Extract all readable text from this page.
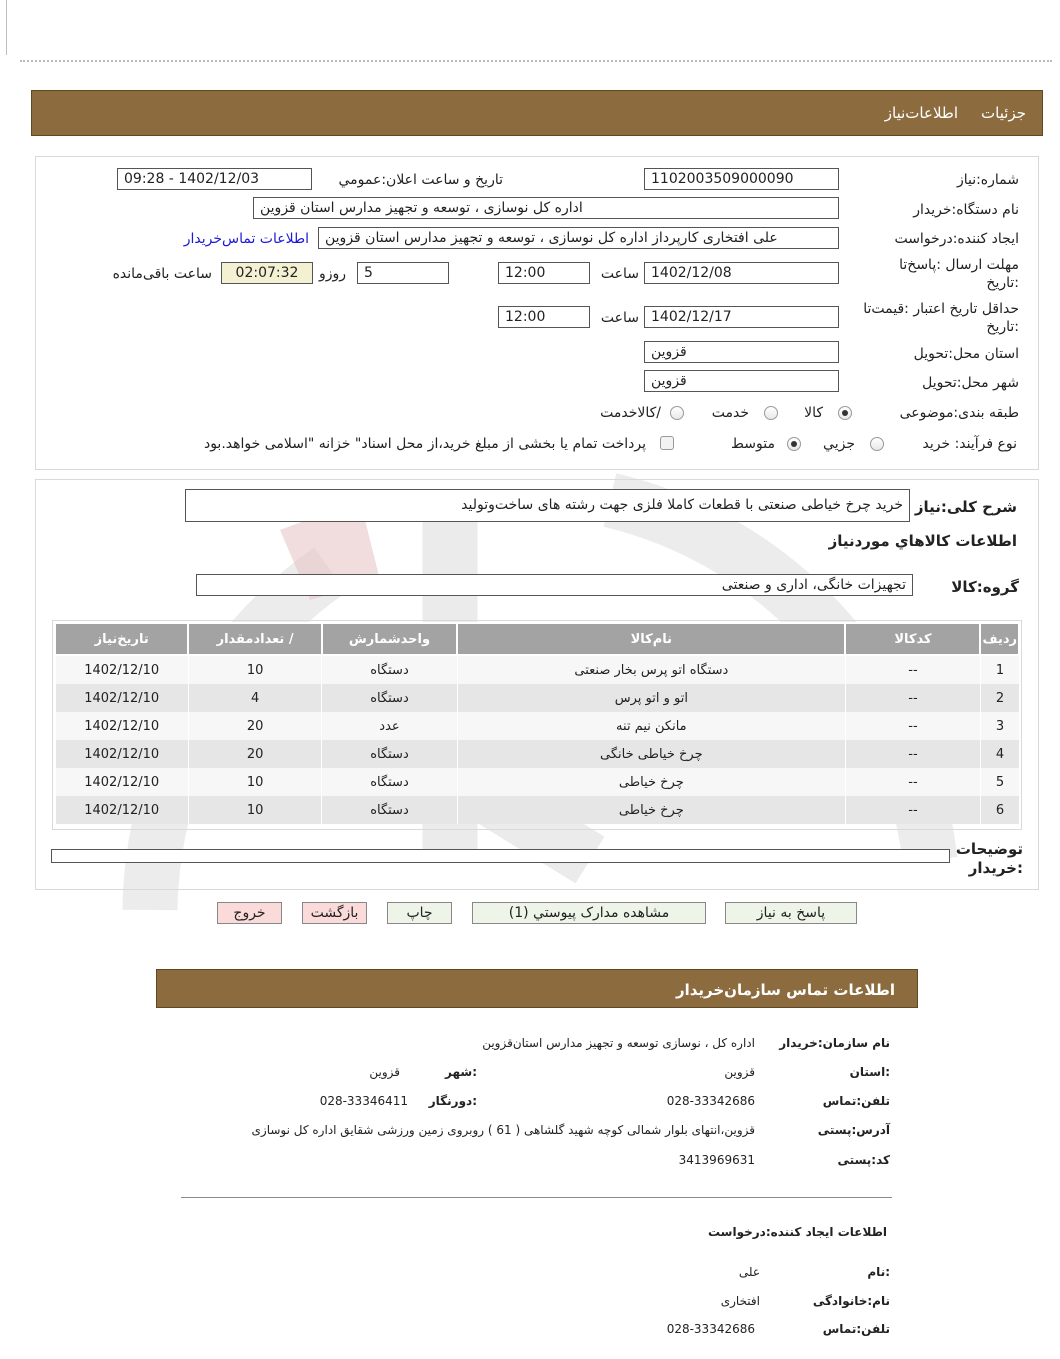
جزئیات
اطلاعات‌نیاز
شماره:نیاز
1102003509000090
تاریخ و ساعت اعلان:عمومي
1402/12/03 - 09:28
نام دستگاه:خریدار
اداره کل نوسازی ، توسعه و تجهیز مدارس استان قزوین
ایجاد کننده:درخواست
علی افتخاری کارپرداز اداره کل نوسازی ، توسعه و تجهیز مدارس استان قزوین
اطلاعات تماس‌خریدار
مهلت ارسال :پاسخ‌تا
:تاریخ
1402/12/08
ساعت
12:00
5
روزو
02:07:32
ساعت باقی‌مانده
حداقل تاریخ اعتبار :قیمت‌تا
:تاریخ
1402/12/17
ساعت
12:00
استان محل:تحویل
قزوین
شهر محل:تحویل
قزوین
طبقه بندی:موضوعی
کالا
خدمت
/کالاخدمت
نوع فرآیند: خرید
جزيي
متوسط
پرداخت تمام یا بخشی از مبلغ خرید،از محل اسناد" خزانه "اسلامی خواهد.بود
شرح کلی:نیاز
خرید چرخ خیاطی صنعتی با قطعات کاملا فلزی جهت رشته های ساخت‌وتولید
اطلاعات کالاهاي موردنياز
گروه:کالا
تجهیزات خانگی، اداری و صنعتی
ردیف	کدکالا	نام‌کالا	واحدشمارش	/ تعدادمقدار	تاریخ‌نیاز
1	--	دستگاه اتو پرس بخار صنعتی	دستگاه	10	1402/12/10
2	--	اتو و اتو پرس	دستگاه	4	1402/12/10
3	--	مانکن نیم تنه	عدد	20	1402/12/10
4	--	چرخ خیاطی خانگی	دستگاه	20	1402/12/10
5	--	چرخ خیاطی	دستگاه	10	1402/12/10
6	--	چرخ خیاطی	دستگاه	10	1402/12/10
توضیحات
:خریدار
پاسخ به نیاز
مشاهده مدارک پیوستي (1)
چاپ
بازگشت
خروج
اطلاعات تماس سازمان‌خریدار
نام سازمان:خریدار
اداره کل ، نوسازی توسعه و تجهیز مدارس استان‌قزوین
:استان
قزوین
:شهر
قزوین
تلفن:تماس
028-33342686
:دورنگار
028-33346411
آدرس:پستی
قزوین،انتهای بلوار شمالی کوچه شهید گلشاهی ( 61 ) روبروی زمین ورزشی شقایق اداره کل نوسازی
کد:پستی
3413969631
اطلاعات ایجاد کننده:درخواست
:نام
علی
نام:خانوادگی
افتخاری
تلفن:تماس
028-33342686
